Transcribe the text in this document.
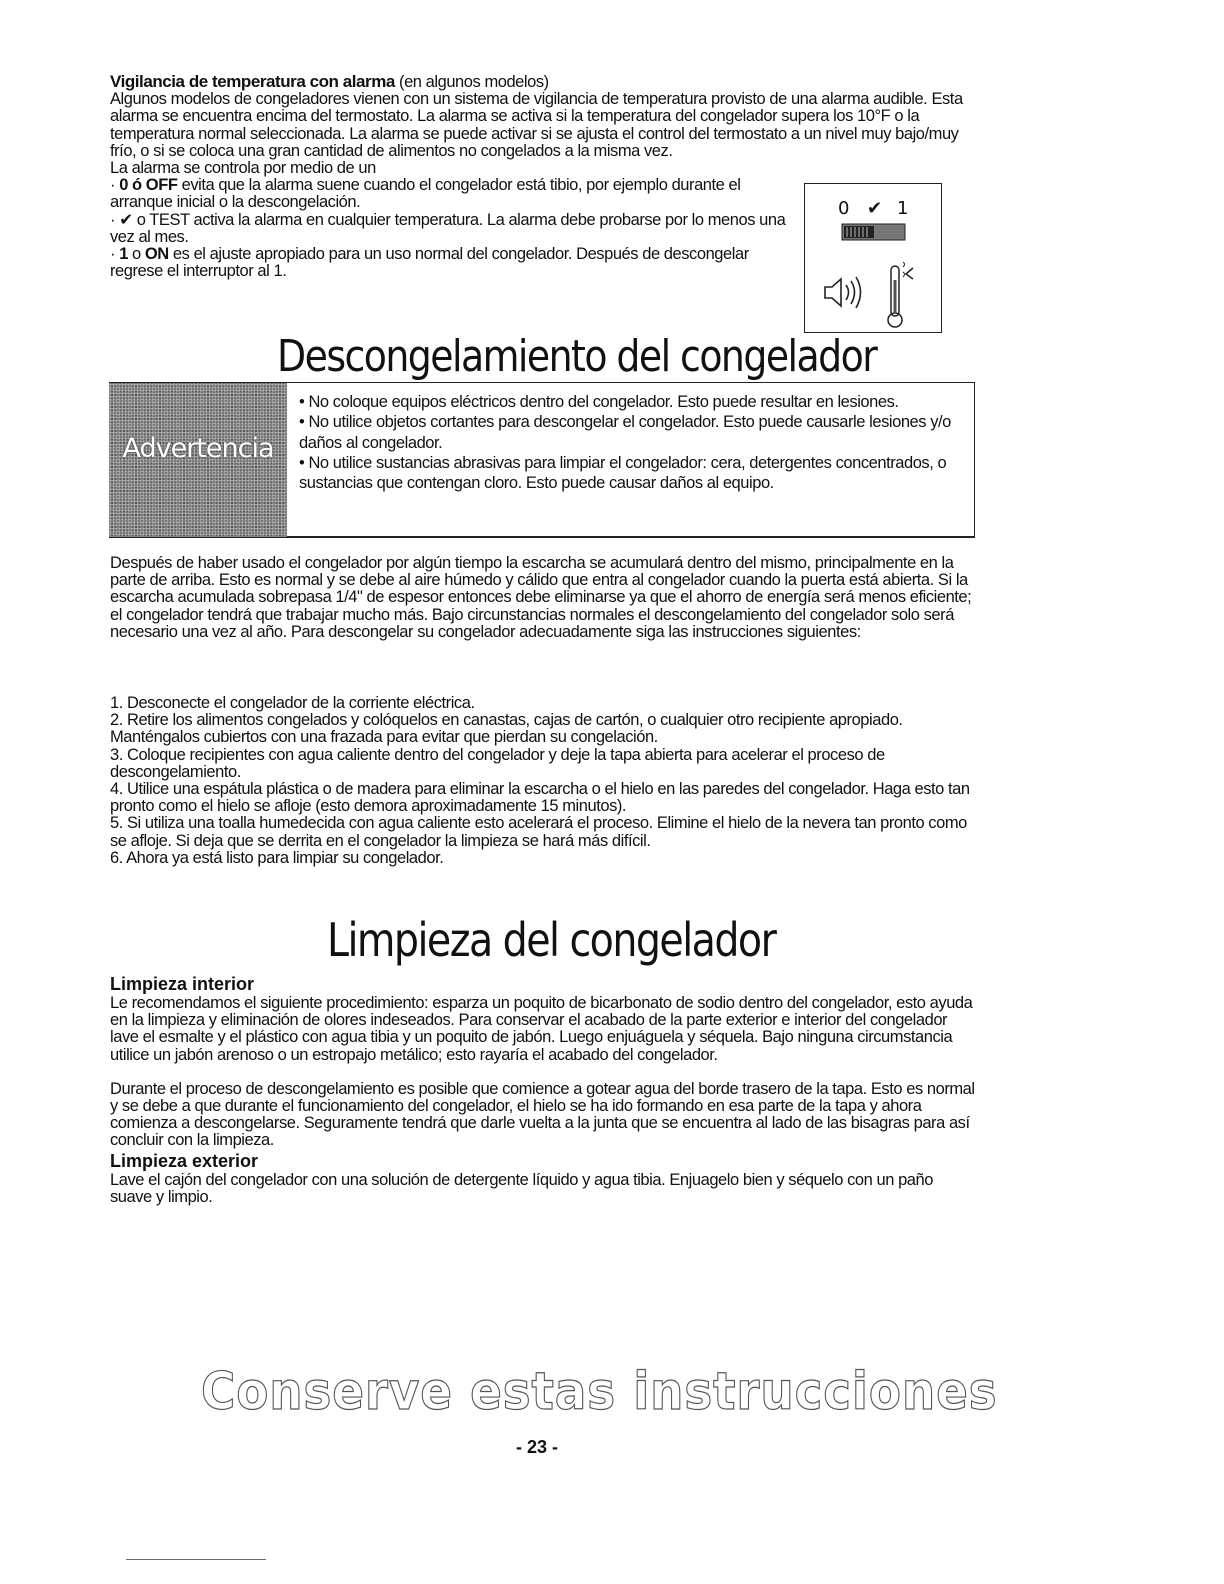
Vigilancia de temperatura con alarma (en algunos modelos)

Algunos modelos de congeladores vienen con un sistema de vigilancia de temperatura provisto de una alarma audible. Esta alarma se encuentra encima del termostato. La alarma se activa si la temperatura del congelador supera los 10°F o la temperatura normal seleccionada. La alarma se puede activar si se ajusta el control del termostato a un nivel muy bajo/muy frío, o si se coloca una gran cantidad de alimentos no congelados a la misma vez.

La alarma se controla por medio de un

· 0 ó OFF evita que la alarma suene cuando el congelador está tibio, por ejemplo durante el arranque inicial o la descongelación.

· ✔ o TEST activa la alarma en cualquier temperatura. La alarma debe probarse por lo menos una vez al mes.

· 1 o ON es el ajuste apropiado para un uso normal del congelador. Después de descongelar regrese el interruptor al 1.

0 ✔ 1
Descongelamiento del congelador
Advertencia
• No coloque equipos eléctricos dentro del congelador. Esto puede resultar en lesiones.
• No utilice objetos cortantes para descongelar el congelador. Esto puede causarle lesiones y/o daños al congelador.
• No utilice sustancias abrasivas para limpiar el congelador: cera, detergentes concentrados, o sustancias que contengan cloro. Esto puede causar daños al equipo.

Después de haber usado el congelador por algún tiempo la escarcha se acumulará dentro del mismo, principalmente en la parte de arriba. Esto es normal y se debe al aire húmedo y cálido que entra al congelador cuando la puerta está abierta. Si la escarcha acumulada sobrepasa 1/4" de espesor entonces debe eliminarse ya que el ahorro de energía será menos eficiente; el congelador tendrá que trabajar mucho más. Bajo circunstancias normales el descongelamiento del congelador solo será necesario una vez al año. Para descongelar su congelador adecuadamente siga las instrucciones siguientes:

1. Desconecte el congelador de la corriente eléctrica.

2. Retire los alimentos congelados y colóquelos en canastas, cajas de cartón, o cualquier otro recipiente apropiado. Manténgalos cubiertos con una frazada para evitar que pierdan su congelación.

3. Coloque recipientes con agua caliente dentro del congelador y deje la tapa abierta para acelerar el proceso de descongelamiento.

4. Utilice una espátula plástica o de madera para eliminar la escarcha o el hielo en las paredes del congelador. Haga esto tan pronto como el hielo se afloje (esto demora aproximadamente 15 minutos).

5. Si utiliza una toalla humedecida con agua caliente esto acelerará el proceso. Elimine el hielo de la nevera tan pronto como se afloje. Si deja que se derrita en el congelador la limpieza se hará más difícil.

6. Ahora ya está listo para limpiar su congelador.

Limpieza del congelador

Limpieza interior

Le recomendamos el siguiente procedimiento: esparza un poquito de bicarbonato de sodio dentro del congelador, esto ayuda en la limpieza y eliminación de olores indeseados. Para conservar el acabado de la parte exterior e interior del congelador lave el esmalte y el plástico con agua tibia y un poquito de jabón. Luego enjuáguela y séquela. Bajo ninguna circumstancia utilice un jabón arenoso o un estropajo metálico; esto rayaría el acabado del congelador.

Durante el proceso de descongelamiento es posible que comience a gotear agua del borde trasero de la tapa. Esto es normal y se debe a que durante el funcionamiento del congelador, el hielo se ha ido formando en esa parte de la tapa y ahora comienza a descongelarse. Seguramente tendrá que darle vuelta a la junta que se encuentra al lado de las bisagras para así concluir con la limpieza.

Limpieza exterior

Lave el cajón del congelador con una solución de detergente líquido y agua tibia. Enjuagelo bien y séquelo con un paño suave y limpio.

Conserve estas instrucciones
- 23 -
